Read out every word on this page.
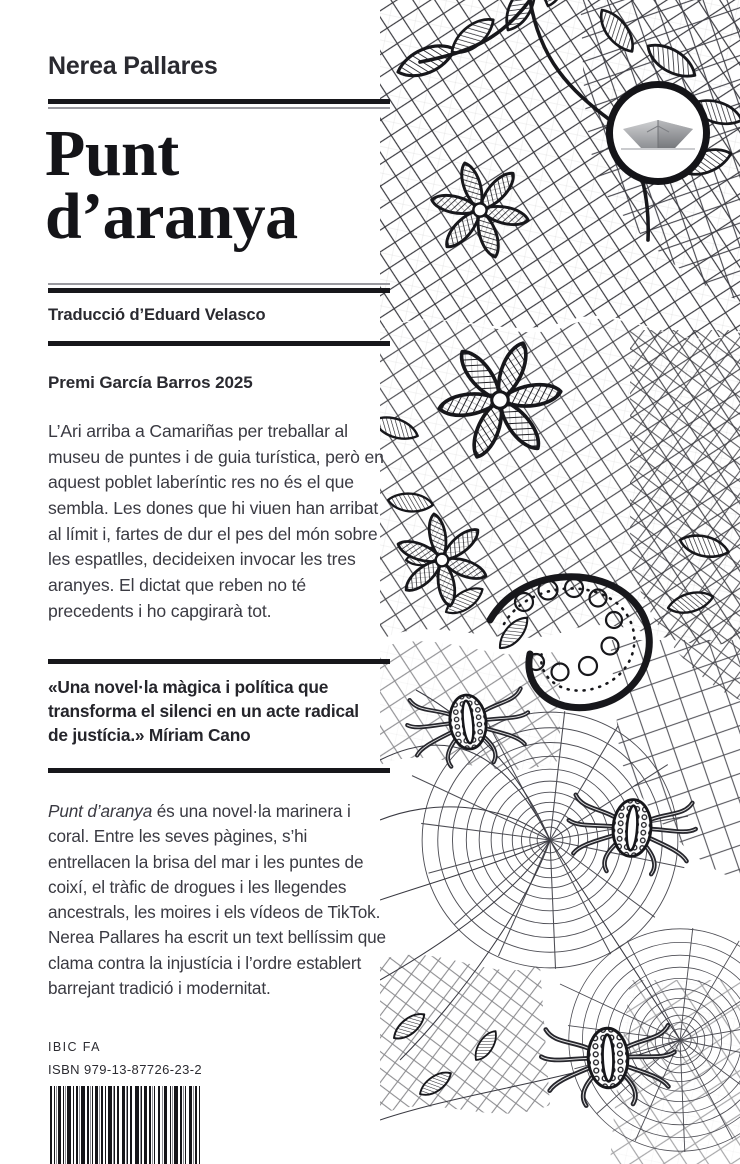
Nerea Pallares
Punt
d’aranya
Traducció d’Eduard Velasco
Premi García Barros 2025
L’Ari arriba a Camariñas per treballar al museu de puntes i de guia turística, però en aquest poblet laberíntic res no és el que sembla. Les dones que hi viuen han arribat al límit i, fartes de dur el pes del món sobre les espatlles, decideixen invocar les tres aranyes. El dictat que reben no té precedents i ho capgirarà tot.
«Una novel·la màgica i política que transforma el silenci en un acte radical de justícia.» Míriam Cano
Punt d’aranya és una novel·la marinera i coral. Entre les seves pàgines, s’hi entrellacen la brisa del mar i les puntes de coixí, el tràfic de drogues i les llegendes ancestrals, les moires i els vídeos de TikTok. Nerea Pallares ha escrit un text bellíssim que clama contra la injustícia i l’ordre establert barrejant tradició i modernitat.
IBIC FA
ISBN 979-13-87726-23-2
